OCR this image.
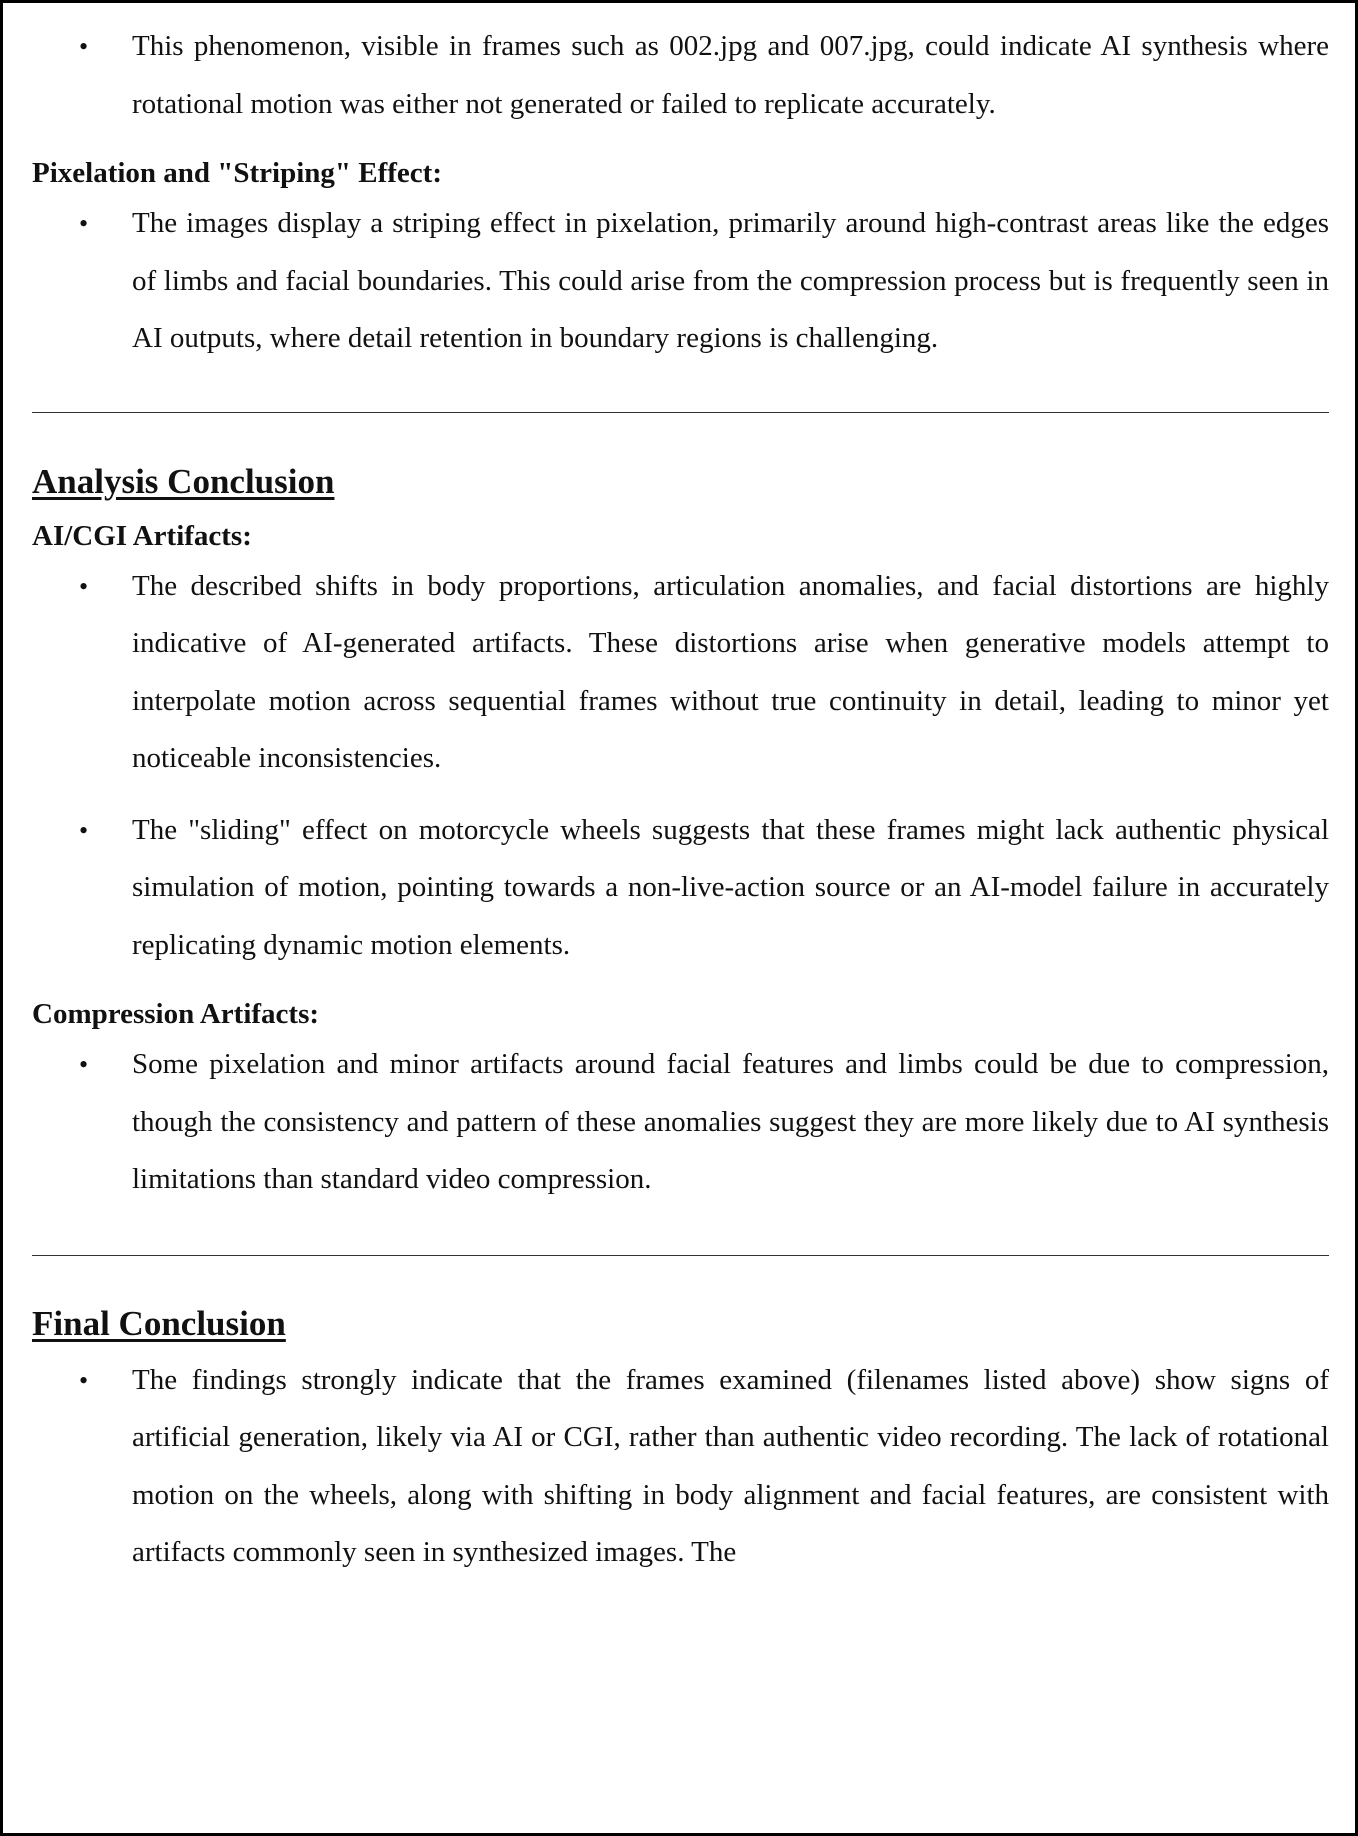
• This phenomenon, visible in frames such as 002.jpg and 007.jpg, could indicate AI synthesis where rotational motion was either not generated or failed to replicate accurately.
Pixelation and "Striping" Effect:
• The images display a striping effect in pixelation, primarily around high-contrast areas like the edges of limbs and facial boundaries. This could arise from the compression process but is frequently seen in AI outputs, where detail retention in boundary regions is challenging.
Analysis Conclusion
AI/CGI Artifacts:
• The described shifts in body proportions, articulation anomalies, and facial distortions are highly indicative of AI-generated artifacts. These distortions arise when generative models attempt to interpolate motion across sequential frames without true continuity in detail, leading to minor yet noticeable inconsistencies.
• The "sliding" effect on motorcycle wheels suggests that these frames might lack authentic physical simulation of motion, pointing towards a non-live-action source or an AI-model failure in accurately replicating dynamic motion elements.
Compression Artifacts:
• Some pixelation and minor artifacts around facial features and limbs could be due to compression, though the consistency and pattern of these anomalies suggest they are more likely due to AI synthesis limitations than standard video compression.
Final Conclusion
• The findings strongly indicate that the frames examined (filenames listed above) show signs of artificial generation, likely via AI or CGI, rather than authentic video recording. The lack of rotational motion on the wheels, along with shifting in body alignment and facial features, are consistent with artifacts commonly seen in synthesized images. The
